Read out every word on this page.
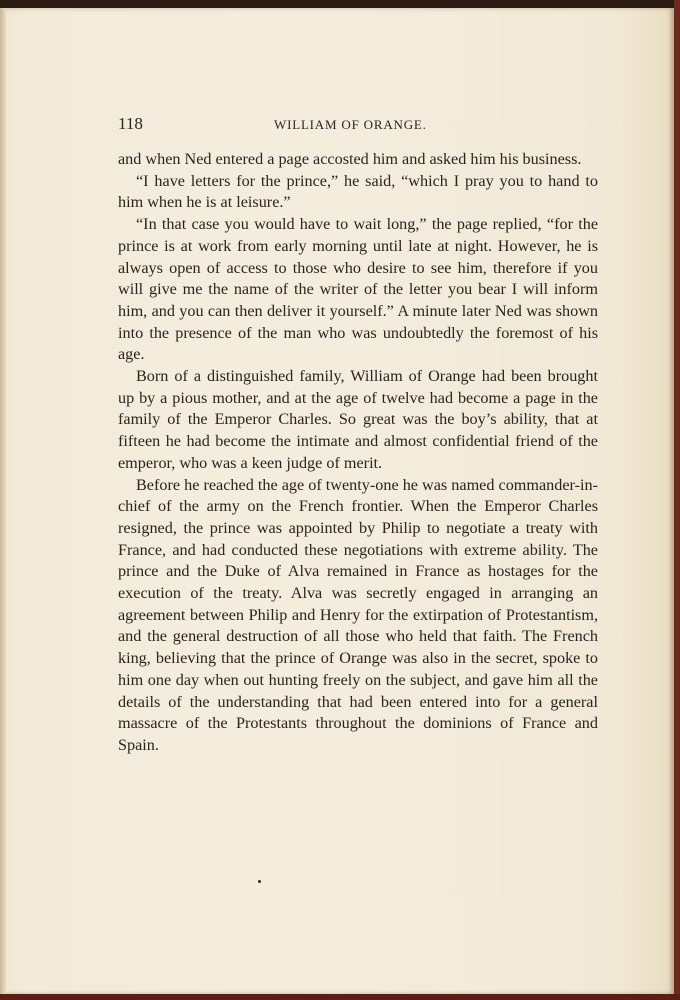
118	WILLIAM OF ORANGE.

and when Ned entered a page accosted him and asked him his business.

“I have letters for the prince,” he said, “which I pray you to hand to him when he is at leisure.”

“In that case you would have to wait long,” the page replied, “for the prince is at work from early morning until late at night. However, he is always open of access to those who desire to see him, therefore if you will give me the name of the writer of the letter you bear I will inform him, and you can then deliver it yourself.” A minute later Ned was shown into the presence of the man who was undoubtedly the foremost of his age.

Born of a distinguished family, William of Orange had been brought up by a pious mother, and at the age of twelve had become a page in the family of the Emperor Charles. So great was the boy’s ability, that at fifteen he had become the intimate and almost confidential friend of the emperor, who was a keen judge of merit.

Before he reached the age of twenty-one he was named commander-in-chief of the army on the French frontier. When the Emperor Charles resigned, the prince was appointed by Philip to negotiate a treaty with France, and had conducted these negotiations with extreme ability. The prince and the Duke of Alva remained in France as hostages for the execution of the treaty. Alva was secretly engaged in arranging an agreement between Philip and Henry for the extirpation of Protestantism, and the general destruction of all those who held that faith. The French king, believing that the prince of Orange was also in the secret, spoke to him one day when out hunting freely on the subject, and gave him all the details of the understanding that had been entered into for a general massacre of the Protestants throughout the dominions of France and Spain.
